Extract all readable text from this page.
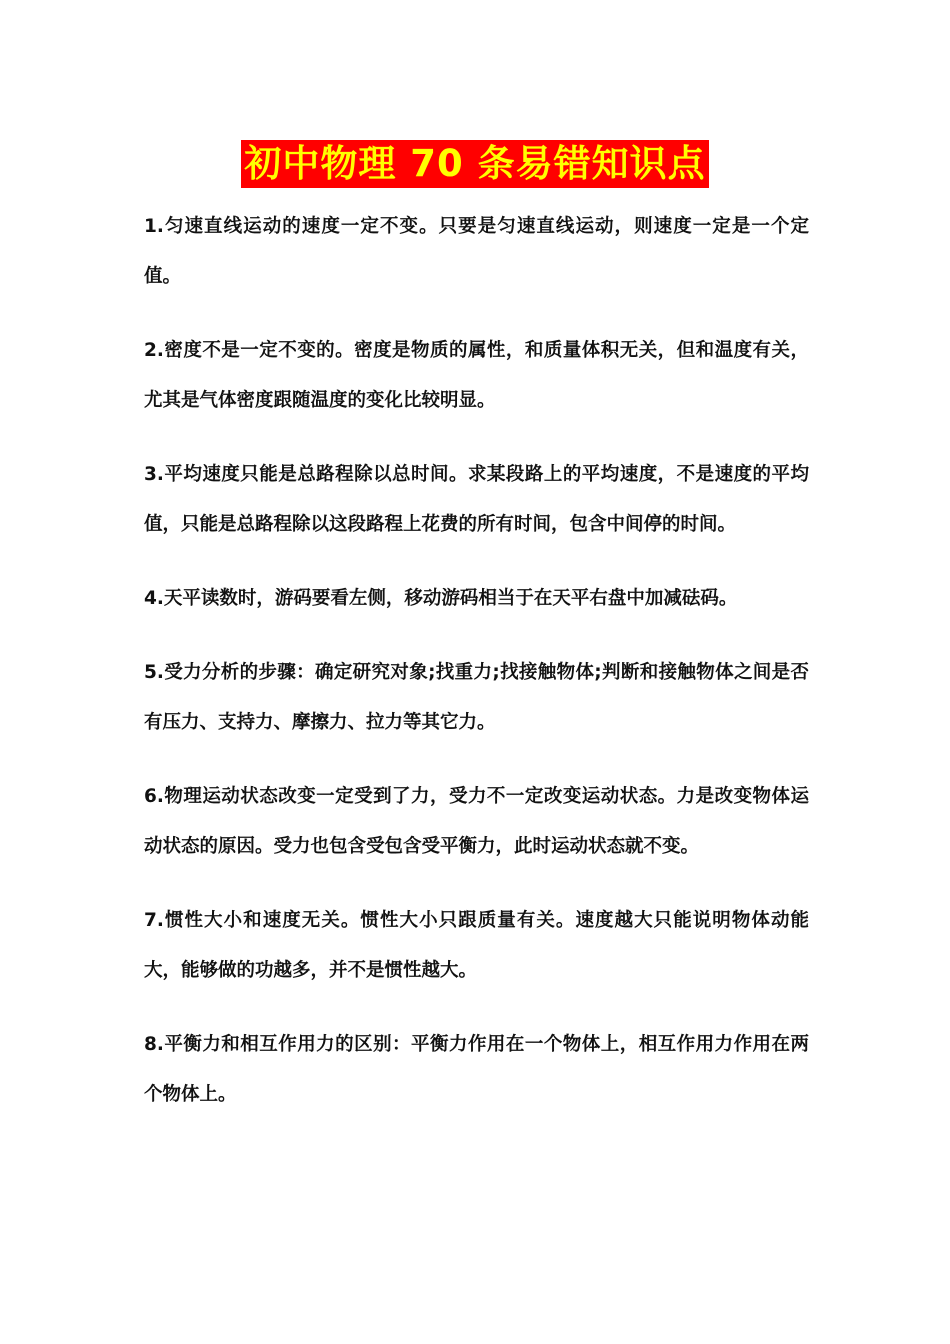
初中物理 70 条易错知识点

1.匀速直线运动的速度一定不变。只要是匀速直线运动，则速度一定是一个定值。

2.密度不是一定不变的。密度是物质的属性，和质量体积无关，但和温度有关，尤其是气体密度跟随温度的变化比较明显。

3.平均速度只能是总路程除以总时间。求某段路上的平均速度，不是速度的平均值，只能是总路程除以这段路程上花费的所有时间，包含中间停的时间。

4.天平读数时，游码要看左侧，移动游码相当于在天平右盘中加减砝码。

5.受力分析的步骤：确定研究对象;找重力;找接触物体;判断和接触物体之间是否有压力、支持力、摩擦力、拉力等其它力。

6.物理运动状态改变一定受到了力，受力不一定改变运动状态。力是改变物体运动状态的原因。受力也包含受包含受平衡力，此时运动状态就不变。

7.惯性大小和速度无关。惯性大小只跟质量有关。速度越大只能说明物体动能大，能够做的功越多，并不是惯性越大。

8.平衡力和相互作用力的区别：平衡力作用在一个物体上，相互作用力作用在两个物体上。
